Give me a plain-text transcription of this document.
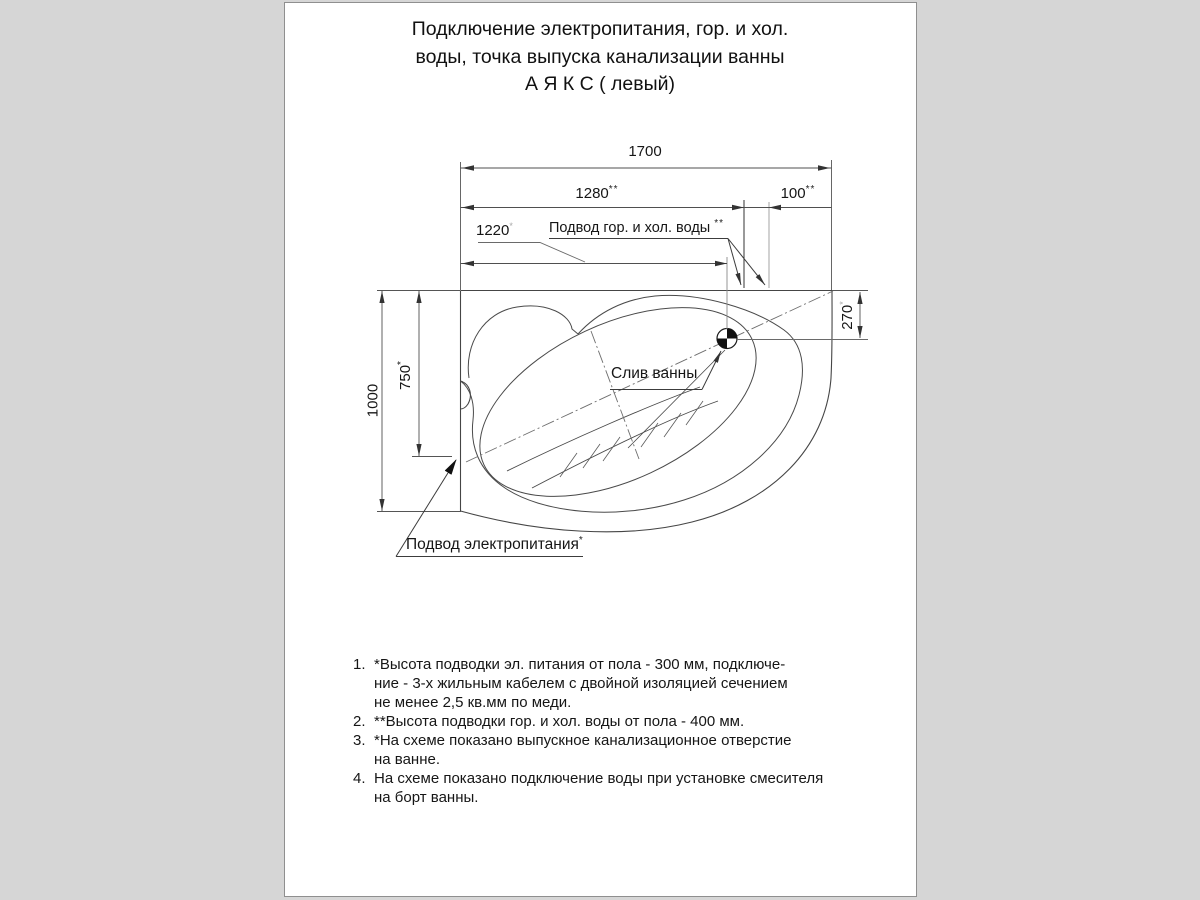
Подключение электропитания, гор. и хол.
воды, точка выпуска канализации ванны
А Я К С ( левый)
1700
1280**	100**
1220*
1000
750*
270*
Подвод гор. и хол. воды **
Слив ванны
Подвод электропитания*
1. *Высота подводки эл. питания от пола - 300 мм, подключе-
ние - 3-х жильным кабелем с двойной изоляцией сечением
не менее 2,5 кв.мм по меди.
2. **Высота подводки гор. и хол. воды от пола - 400 мм.
3. *На схеме показано выпускное канализационное отверстие
на ванне.
4. На схеме показано подключение воды при установке смесителя
на борт ванны.
